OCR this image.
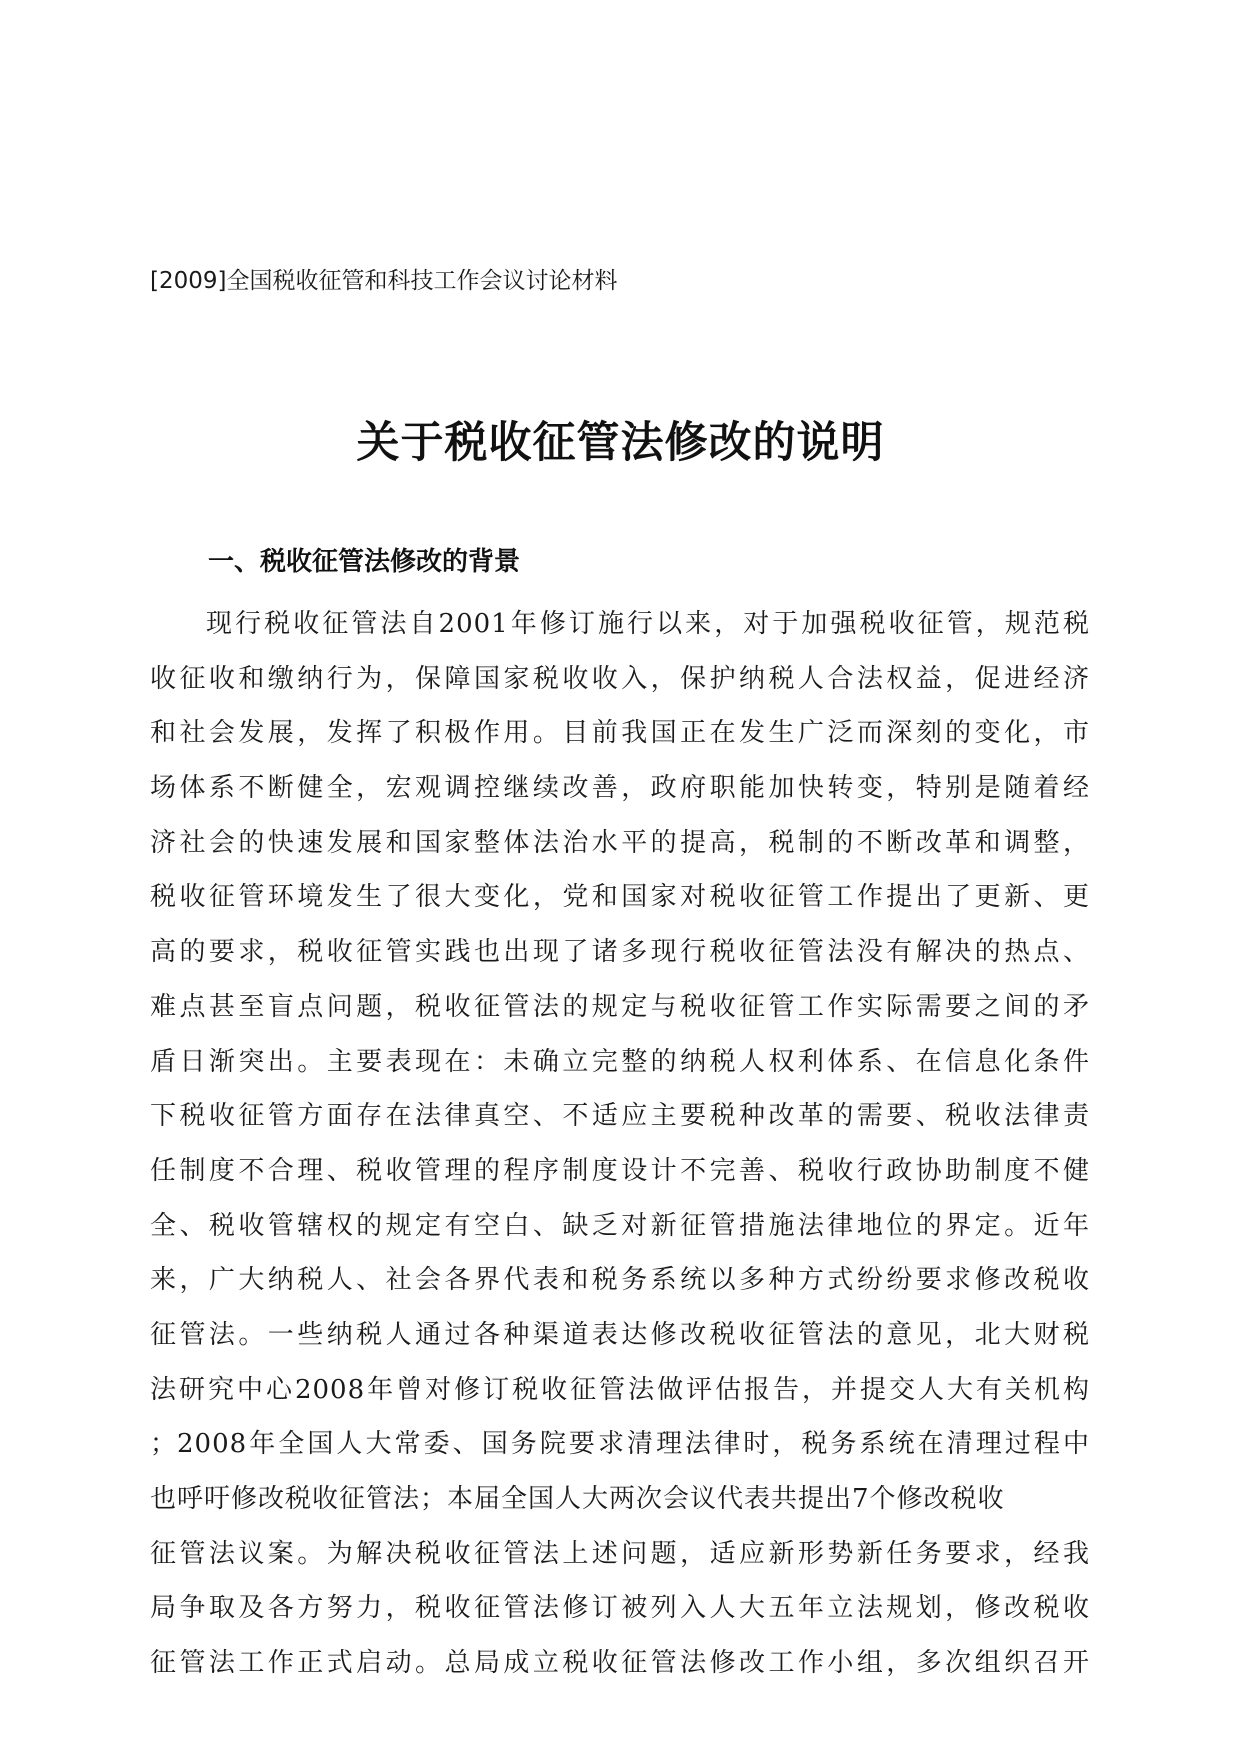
[2009]全国税收征管和科技工作会议讨论材料
关于税收征管法修改的说明
一、税收征管法修改的背景
现行税收征管法自2001年修订施行以来，对于加强税收征管，规范税
收征收和缴纳行为，保障国家税收收入，保护纳税人合法权益，促进经济
和社会发展，发挥了积极作用。目前我国正在发生广泛而深刻的变化，市
场体系不断健全，宏观调控继续改善，政府职能加快转变，特别是随着经
济社会的快速发展和国家整体法治水平的提高，税制的不断改革和调整，
税收征管环境发生了很大变化，党和国家对税收征管工作提出了更新、更
高的要求，税收征管实践也出现了诸多现行税收征管法没有解决的热点、
难点甚至盲点问题，税收征管法的规定与税收征管工作实际需要之间的矛
盾日渐突出。主要表现在：未确立完整的纳税人权利体系、在信息化条件
下税收征管方面存在法律真空、不适应主要税种改革的需要、税收法律责
任制度不合理、税收管理的程序制度设计不完善、税收行政协助制度不健
全、税收管辖权的规定有空白、缺乏对新征管措施法律地位的界定。近年
来，广大纳税人、社会各界代表和税务系统以多种方式纷纷要求修改税收
征管法。一些纳税人通过各种渠道表达修改税收征管法的意见，北大财税
法研究中心2008年曾对修订税收征管法做评估报告，并提交人大有关机构
；2008年全国人大常委、国务院要求清理法律时，税务系统在清理过程中
也呼吁修改税收征管法；本届全国人大两次会议代表共提出7个修改税收
征管法议案。为解决税收征管法上述问题，适应新形势新任务要求，经我
局争取及各方努力，税收征管法修订被列入人大五年立法规划，修改税收
征管法工作正式启动。总局成立税收征管法修改工作小组，多次组织召开
